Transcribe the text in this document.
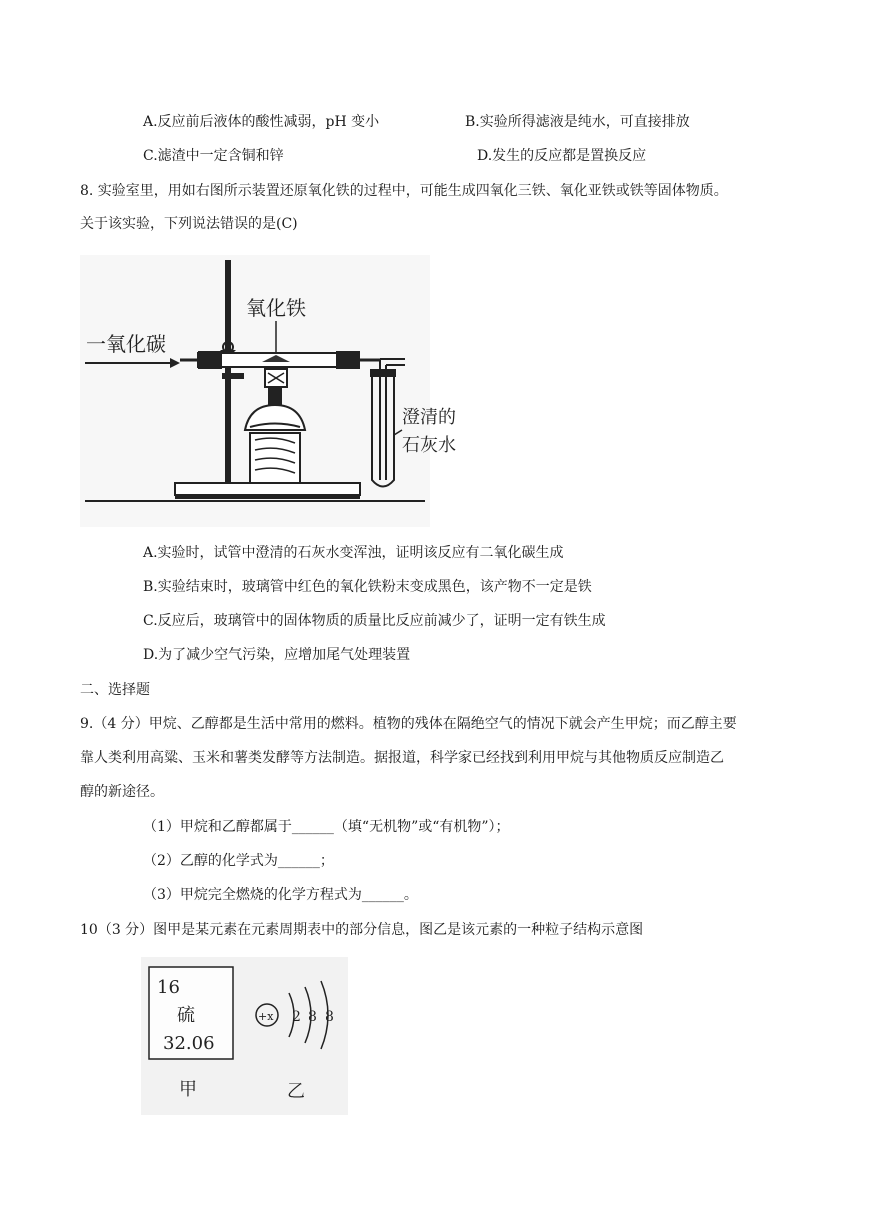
A.反应前后液体的酸性减弱，pH 变小	B.实验所得滤液是纯水，可直接排放
C.滤渣中一定含铜和锌	D.发生的反应都是置换反应
8. 实验室里，用如右图所示装置还原氧化铁的过程中，可能生成四氧化三铁、氧化亚铁或铁等固体物质。
关于该实验，下列说法错误的是(C)
氧化铁
一氧化碳
澄清的
石灰水
A.实验时，试管中澄清的石灰水变浑浊，证明该反应有二氧化碳生成
B.实验结束时，玻璃管中红色的氧化铁粉末变成黑色，该产物不一定是铁
C.反应后，玻璃管中的固体物质的质量比反应前减少了，证明一定有铁生成
D.为了减少空气污染，应增加尾气处理装置
二、选择题
9.（4 分）甲烷、乙醇都是生活中常用的燃料。植物的残体在隔绝空气的情况下就会产生甲烷；而乙醇主要
靠人类利用高粱、玉米和薯类发酵等方法制造。据报道，科学家已经找到利用甲烷与其他物质反应制造乙
醇的新途径。
（1）甲烷和乙醇都属于______（填“无机物”或“有机物”）；
（2）乙醇的化学式为______；
（3）甲烷完全燃烧的化学方程式为______。
10（3 分）图甲是某元素在元素周期表中的部分信息，图乙是该元素的一种粒子结构示意图
16
硫
32.06
甲
+x 2 8 8
乙
